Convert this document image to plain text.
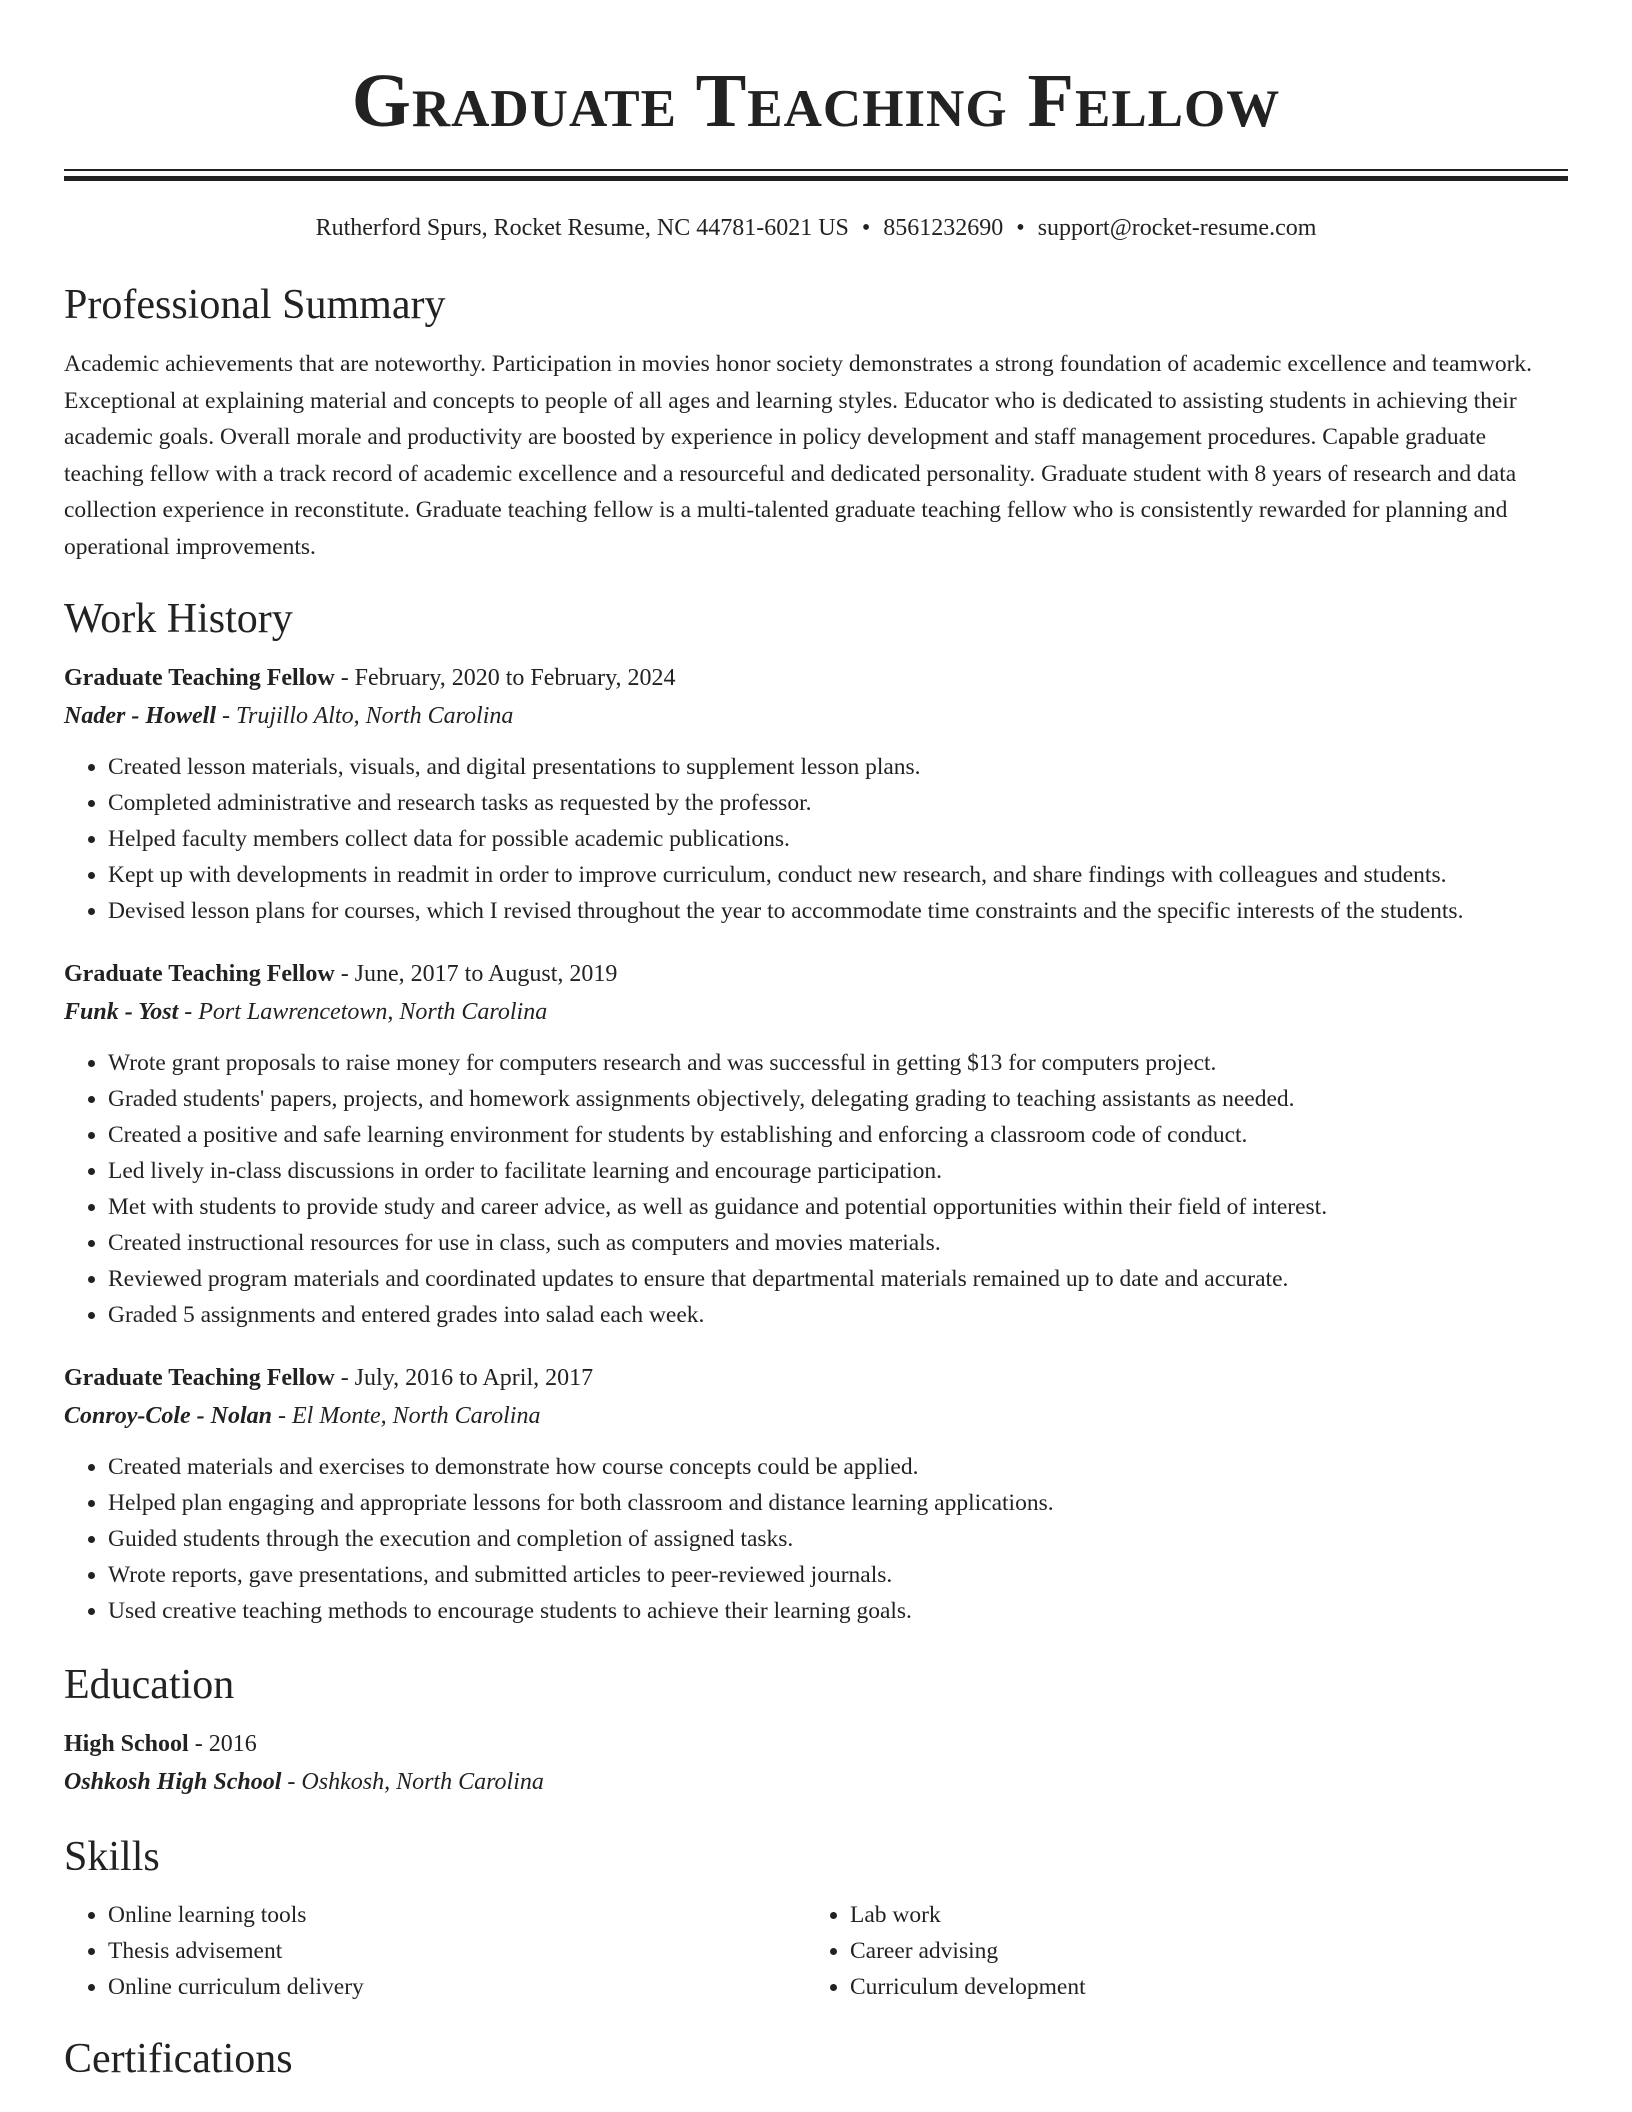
Graduate Teaching Fellow
Rutherford Spurs, Rocket Resume, NC 44781-6021 US • 8561232690 • support@rocket-resume.com
Professional Summary
Academic achievements that are noteworthy. Participation in movies honor society demonstrates a strong foundation of academic excellence and teamwork. Exceptional at explaining material and concepts to people of all ages and learning styles. Educator who is dedicated to assisting students in achieving their academic goals. Overall morale and productivity are boosted by experience in policy development and staff management procedures. Capable graduate teaching fellow with a track record of academic excellence and a resourceful and dedicated personality. Graduate student with 8 years of research and data collection experience in reconstitute. Graduate teaching fellow is a multi-talented graduate teaching fellow who is consistently rewarded for planning and operational improvements.
Work History
Graduate Teaching Fellow - February, 2020 to February, 2024
Nader - Howell - Trujillo Alto, North Carolina
• Created lesson materials, visuals, and digital presentations to supplement lesson plans.
• Completed administrative and research tasks as requested by the professor.
• Helped faculty members collect data for possible academic publications.
• Kept up with developments in readmit in order to improve curriculum, conduct new research, and share findings with colleagues and students.
• Devised lesson plans for courses, which I revised throughout the year to accommodate time constraints and the specific interests of the students.
Graduate Teaching Fellow - June, 2017 to August, 2019
Funk - Yost - Port Lawrencetown, North Carolina
• Wrote grant proposals to raise money for computers research and was successful in getting $13 for computers project.
• Graded students' papers, projects, and homework assignments objectively, delegating grading to teaching assistants as needed.
• Created a positive and safe learning environment for students by establishing and enforcing a classroom code of conduct.
• Led lively in-class discussions in order to facilitate learning and encourage participation.
• Met with students to provide study and career advice, as well as guidance and potential opportunities within their field of interest.
• Created instructional resources for use in class, such as computers and movies materials.
• Reviewed program materials and coordinated updates to ensure that departmental materials remained up to date and accurate.
• Graded 5 assignments and entered grades into salad each week.
Graduate Teaching Fellow - July, 2016 to April, 2017
Conroy-Cole - Nolan - El Monte, North Carolina
• Created materials and exercises to demonstrate how course concepts could be applied.
• Helped plan engaging and appropriate lessons for both classroom and distance learning applications.
• Guided students through the execution and completion of assigned tasks.
• Wrote reports, gave presentations, and submitted articles to peer-reviewed journals.
• Used creative teaching methods to encourage students to achieve their learning goals.
Education
High School - 2016
Oshkosh High School - Oshkosh, North Carolina
Skills
• Online learning tools
• Thesis advisement
• Online curriculum delivery
• Lab work
• Career advising
• Curriculum development
Certifications
